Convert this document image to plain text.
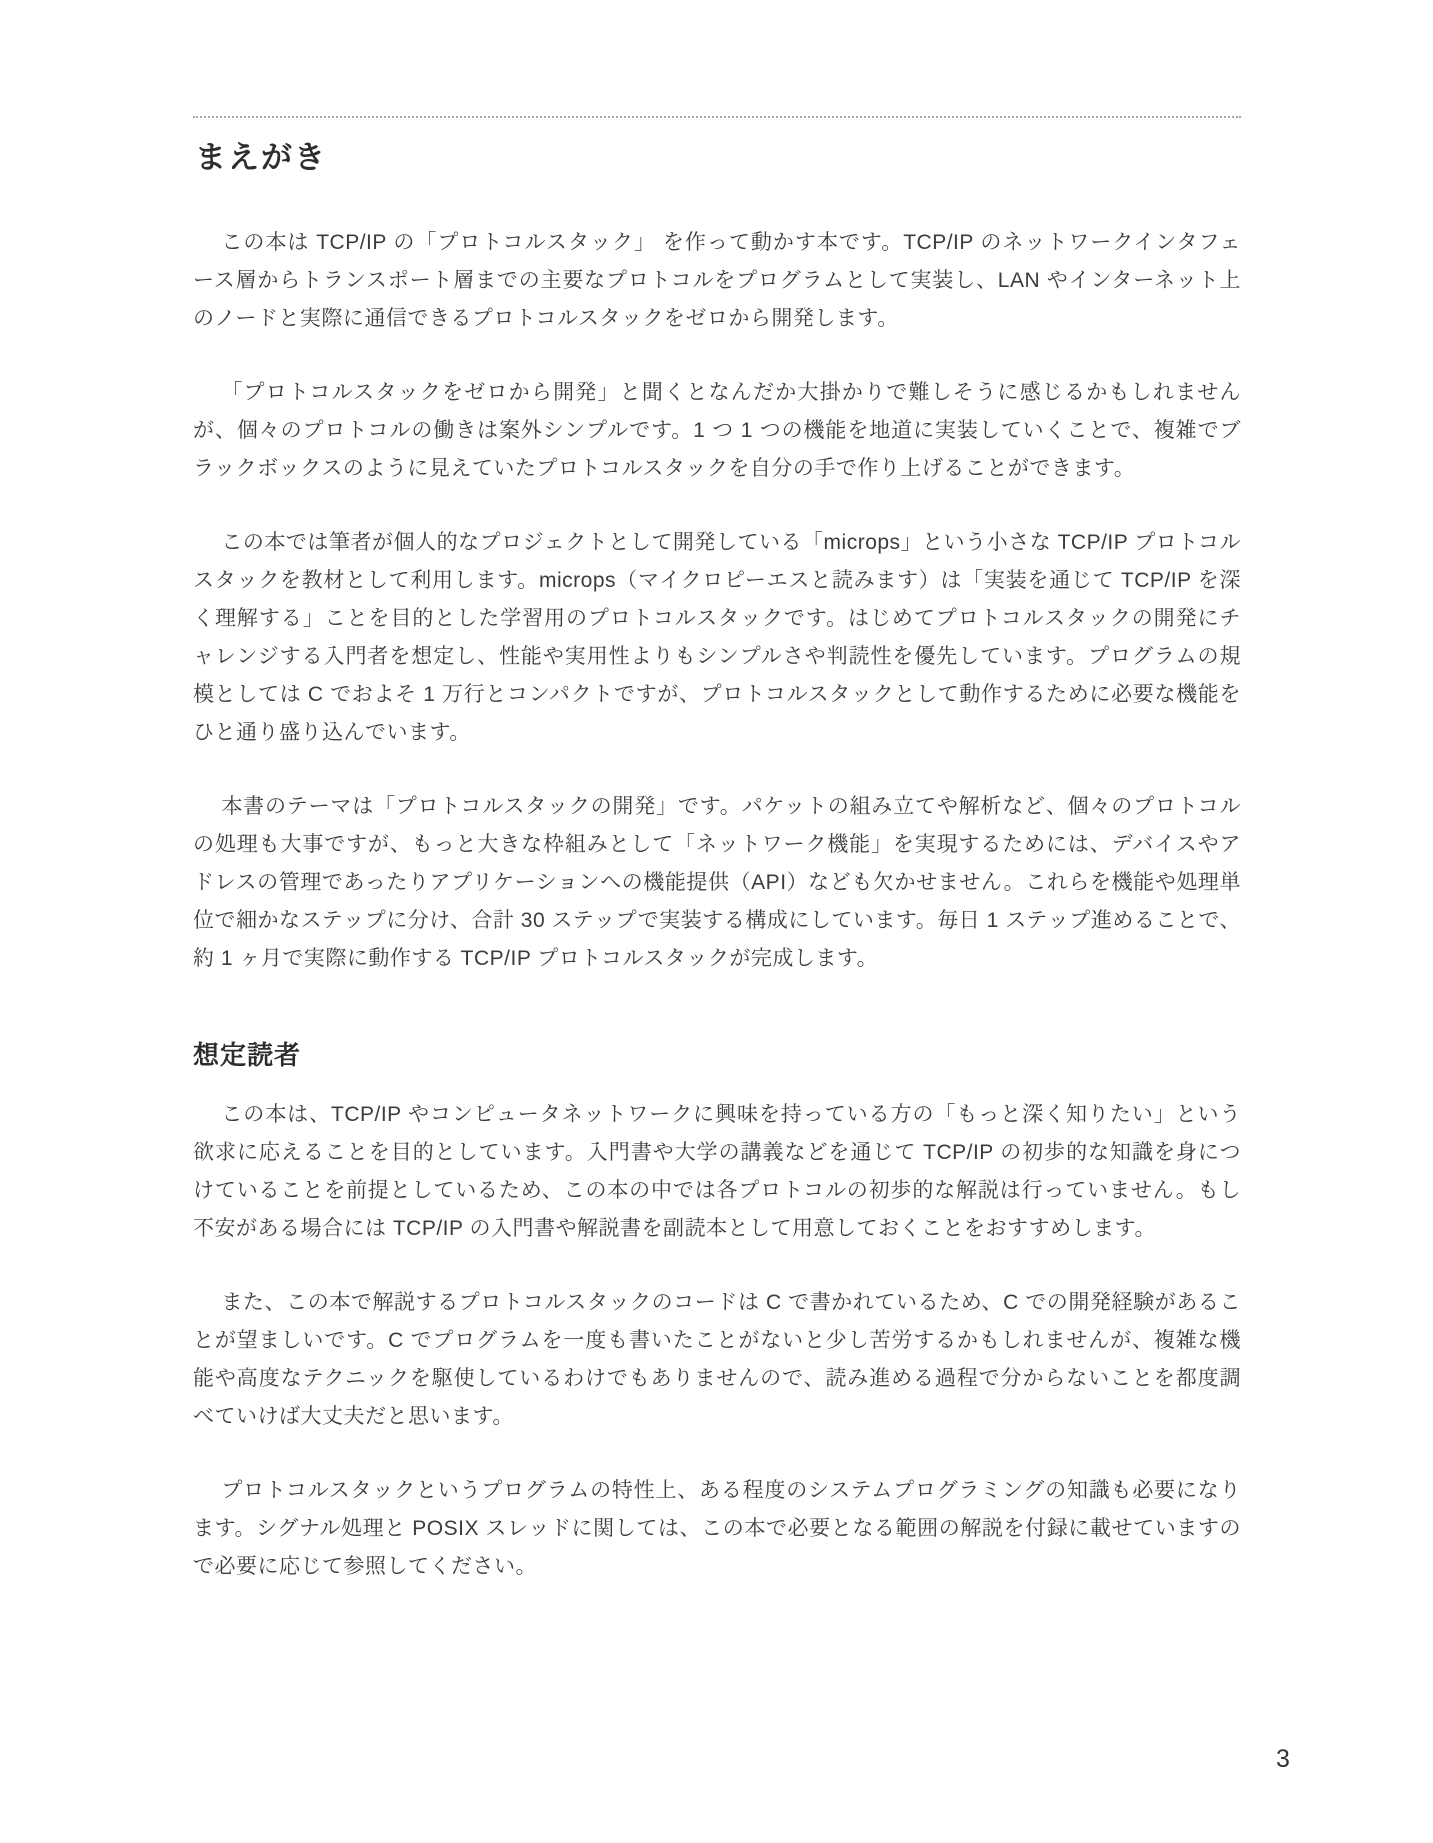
まえがき

この本は TCP/IP の「プロトコルスタック」 を作って動かす本です。TCP/IP のネットワークインタフェース層からトランスポート層までの主要なプロトコルをプログラムとして実装し、LAN やインターネット上のノードと実際に通信できるプロトコルスタックをゼロから開発します。

「プロトコルスタックをゼロから開発」と聞くとなんだか大掛かりで難しそうに感じるかもしれませんが、個々のプロトコルの働きは案外シンプルです。1 つ 1 つの機能を地道に実装していくことで、複雑でブラックボックスのように見えていたプロトコルスタックを自分の手で作り上げることができます。

この本では筆者が個人的なプロジェクトとして開発している「microps」という小さな TCP/IP プロトコルスタックを教材として利用します。microps（マイクロピーエスと読みます）は「実装を通じて TCP/IP を深く理解する」ことを目的とした学習用のプロトコルスタックです。はじめてプロトコルスタックの開発にチャレンジする入門者を想定し、性能や実用性よりもシンプルさや判読性を優先しています。プログラムの規模としては C でおよそ 1 万行とコンパクトですが、プロトコルスタックとして動作するために必要な機能をひと通り盛り込んでいます。

本書のテーマは「プロトコルスタックの開発」です。パケットの組み立てや解析など、個々のプロトコルの処理も大事ですが、もっと大きな枠組みとして「ネットワーク機能」を実現するためには、デバイスやアドレスの管理であったりアプリケーションへの機能提供（API）なども欠かせません。これらを機能や処理単位で細かなステップに分け、合計 30 ステップで実装する構成にしています。毎日 1 ステップ進めることで、約 1 ヶ月で実際に動作する TCP/IP プロトコルスタックが完成します。

想定読者

この本は、TCP/IP やコンピュータネットワークに興味を持っている方の「もっと深く知りたい」という欲求に応えることを目的としています。入門書や大学の講義などを通じて TCP/IP の初歩的な知識を身につけていることを前提としているため、この本の中では各プロトコルの初歩的な解説は行っていません。もし不安がある場合には TCP/IP の入門書や解説書を副読本として用意しておくことをおすすめします。

また、この本で解説するプロトコルスタックのコードは C で書かれているため、C での開発経験があることが望ましいです。C でプログラムを一度も書いたことがないと少し苦労するかもしれませんが、複雑な機能や高度なテクニックを駆使しているわけでもありませんので、読み進める過程で分からないことを都度調べていけば大丈夫だと思います。

プロトコルスタックというプログラムの特性上、ある程度のシステムプログラミングの知識も必要になります。シグナル処理と POSIX スレッドに関しては、この本で必要となる範囲の解説を付録に載せていますので必要に応じて参照してください。

3
